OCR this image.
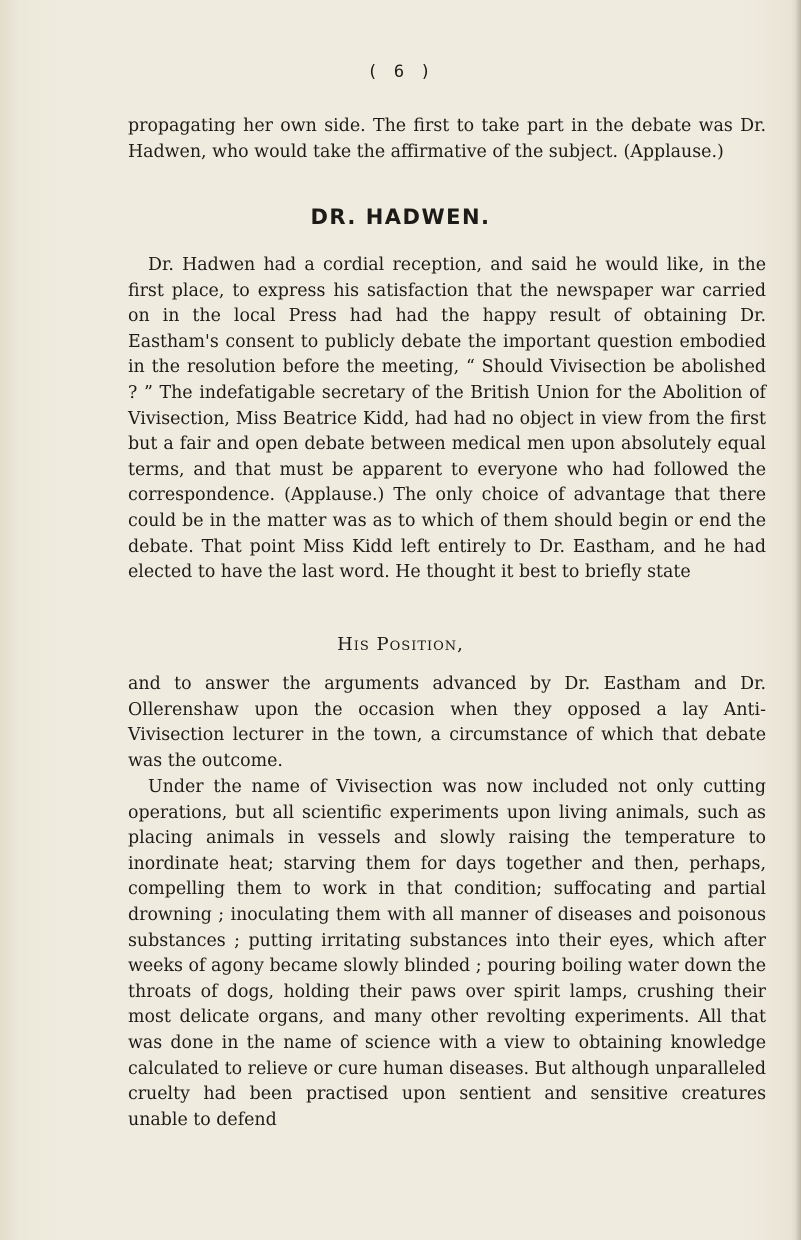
( 6 )

propagating her own side. The first to take part in the debate was Dr. Hadwen, who would take the affirmative of the subject. (Applause.)

DR. HADWEN.

Dr. Hadwen had a cordial reception, and said he would like, in the first place, to express his satisfaction that the newspaper war carried on in the local Press had had the happy result of obtaining Dr. Eastham's consent to publicly debate the important question embodied in the resolution before the meeting, “ Should Vivisection be abolished ? ” The indefatigable secretary of the British Union for the Abolition of Vivisection, Miss Beatrice Kidd, had had no object in view from the first but a fair and open debate between medical men upon absolutely equal terms, and that must be apparent to everyone who had followed the correspondence. (Applause.) The only choice of advantage that there could be in the matter was as to which of them should begin or end the debate. That point Miss Kidd left entirely to Dr. Eastham, and he had elected to have the last word. He thought it best to briefly state

His Position,

and to answer the arguments advanced by Dr. Eastham and Dr. Ollerenshaw upon the occasion when they opposed a lay Anti-Vivisection lecturer in the town, a circumstance of which that debate was the outcome.

Under the name of Vivisection was now included not only cutting operations, but all scientific experiments upon living animals, such as placing animals in vessels and slowly raising the temperature to inordinate heat; starving them for days together and then, perhaps, compelling them to work in that condition; suffocating and partial drowning ; inoculating them with all manner of diseases and poisonous substances ; putting irritating substances into their eyes, which after weeks of agony became slowly blinded ; pouring boiling water down the throats of dogs, holding their paws over spirit lamps, crushing their most delicate organs, and many other revolting experiments. All that was done in the name of science with a view to obtaining knowledge calculated to relieve or cure human diseases. But although unparalleled cruelty had been practised upon sentient and sensitive creatures unable to defend
